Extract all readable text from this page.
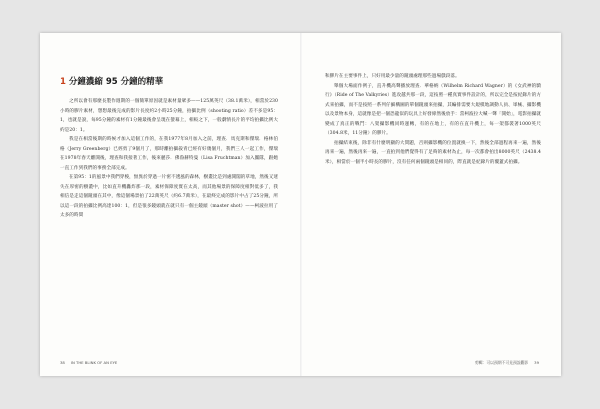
1 分鐘濃縮 95 分鐘的精華

之所以會有那麼長製作週期的一個簡單原因就是素材量眾多——125萬英尺（38.1萬米），相當於230小時的膠片素材，想想最後完成的影片長度約2小時25分鐘，拍攝比例（shooting ratio）差不多是95：1，也就是說，每95分鐘的素材有1分鐘最後會呈現在螢幕上，相較之下，一般劇情長片的平均拍攝比例大約是20：1。

我是在相當後期的時候才加入這個工作的，在我1977年8月加入之前，理查．馬克斯和傑瑞．格林伯格（Jerry Greenberg）已經剪了9個月了，那時離拍攝殺青已經有好幾個月，我們三人一起工作，傑瑞在1978年春天離開後，理查和我接著工作，後來麗莎．佛魯赫特曼（Lisa Fruchtman）加入團隊，跟她一直工作到我們的事務全部完成。

在第95：1的風景中我們穿梭，無異於穿過一片密不透風的森林，樹叢比是到處開闊的草地，然後又迷失在厚密的樹叢中，比如直升機轟炸那一段，素材保障度實在太高，而其他場景的保障度相對低多了，我相信是走這個鏡頭在其中，像這個場景拍了22萬英尺（約6.7萬米），在最終完成的影片中占了25分鐘，所以這一段的拍攝比例高達100：1，但是很多鏡頭就在就只有一個主鏡頭（master shot）——柯波拉用了太多的時間

38 IN THE BLINK OF AN EYE

和膠片在主要事件上，只好用最少量的鏡頭處理那些過場戲段落。

舉個大場面作例子，直升機高聲播放理查．華格納（Wilhelm Richard Wagner）的《女武神的騎行》（Ride of The Valkyries）進攻越共那一段，這按照一種真實事件設計的，所以完全是按紀錄片的方式來拍攝，而不是按照一系列仔細構圖的單個鏡頭來拍攝，其編排需要大規模地調動人員、軍械、攝影機以及景物本身，這就像是把一個恐龍似的玩具上好發條然後放手：當柯波拉大喊一聲「開始」，電影拍攝就變成了真正的戰鬥：八架攝影機同時運轉，有的在地上，有的在直升機上，每一架都裝著1000英尺（304.8米，11分鐘）的膠片。

拍攝結束後，除非有什麼明顯的大問題，否則攝影機的位置就換一下，然後全部過程再來一遍，然後再來一遍，然後再來一遍，一直拍到他們覺得有了足夠的素材為止，每一次都會拍出8000英尺（2438.4米），相當於一個半小時長的膠片，沒有任何兩個鏡頭是相同的，際直就是紀錄片的覆蓋式拍攝。

剪輯：可以預期不可見預設觀影 39
